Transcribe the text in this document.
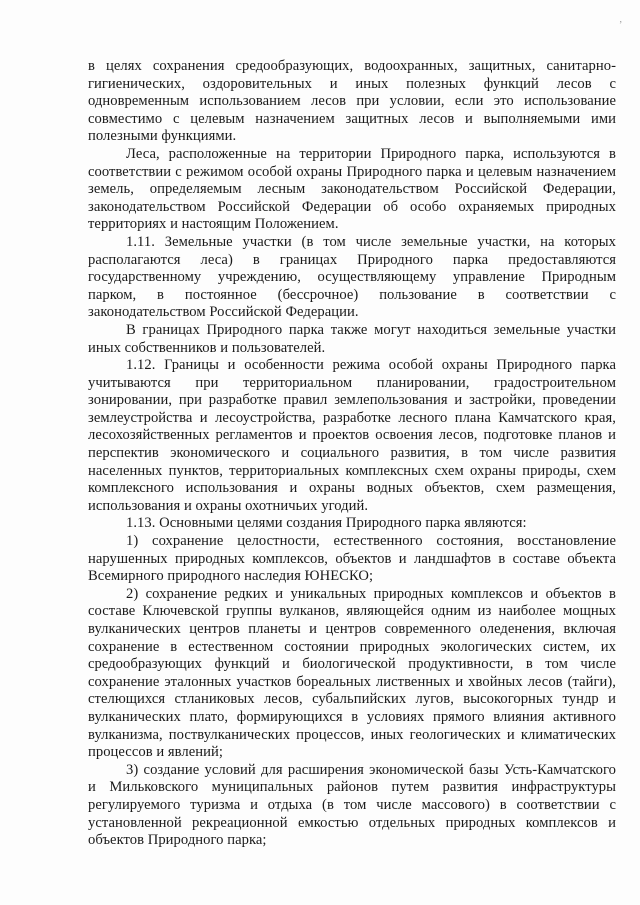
,

в целях сохранения средообразующих, водоохранных, защитных, санитарно-гигиенических, оздоровительных и иных полезных функций лесов с одновременным использованием лесов при условии, если это использование совместимо с целевым назначением защитных лесов и выполняемыми ими полезными функциями.

Леса, расположенные на территории Природного парка, используются в соответствии с режимом особой охраны Природного парка и целевым назначением земель, определяемым лесным законодательством Российской Федерации, законодательством Российской Федерации об особо охраняемых природных территориях и настоящим Положением.

1.11. Земельные участки (в том числе земельные участки, на которых располагаются леса) в границах Природного парка предоставляются государственному учреждению, осуществляющему управление Природным парком, в постоянное (бессрочное) пользование в соответствии с законодательством Российской Федерации.

В границах Природного парка также могут находиться земельные участки иных собственников и пользователей.

1.12. Границы и особенности режима особой охраны Природного парка учитываются при территориальном планировании, градостроительном зонировании, при разработке правил землепользования и застройки, проведении землеустройства и лесоустройства, разработке лесного плана Камчатского края, лесохозяйственных регламентов и проектов освоения лесов, подготовке планов и перспектив экономического и социального развития, в том числе развития населенных пунктов, территориальных комплексных схем охраны природы, схем комплексного использования и охраны водных объектов, схем размещения, использования и охраны охотничьих угодий.

1.13. Основными целями создания Природного парка являются:

1) сохранение целостности, естественного состояния, восстановление нарушенных природных комплексов, объектов и ландшафтов в составе объекта Всемирного природного наследия ЮНЕСКО;

2) сохранение редких и уникальных природных комплексов и объектов в составе Ключевской группы вулканов, являющейся одним из наиболее мощных вулканических центров планеты и центров современного оледенения, включая сохранение в естественном состоянии природных экологических систем, их средообразующих функций и биологической продуктивности, в том числе сохранение эталонных участков бореальных лиственных и хвойных лесов (тайги), стелющихся стланиковых лесов, субальпийских лугов, высокогорных тундр и вулканических плато, формирующихся в условиях прямого влияния активного вулканизма, поствулканических процессов, иных геологических и климатических процессов и явлений;

3) создание условий для расширения экономической базы Усть-Камчатского и Мильковского муниципальных районов путем развития инфраструктуры регулируемого туризма и отдыха (в том числе массового) в соответствии с установленной рекреационной емкостью отдельных природных комплексов и объектов Природного парка;
